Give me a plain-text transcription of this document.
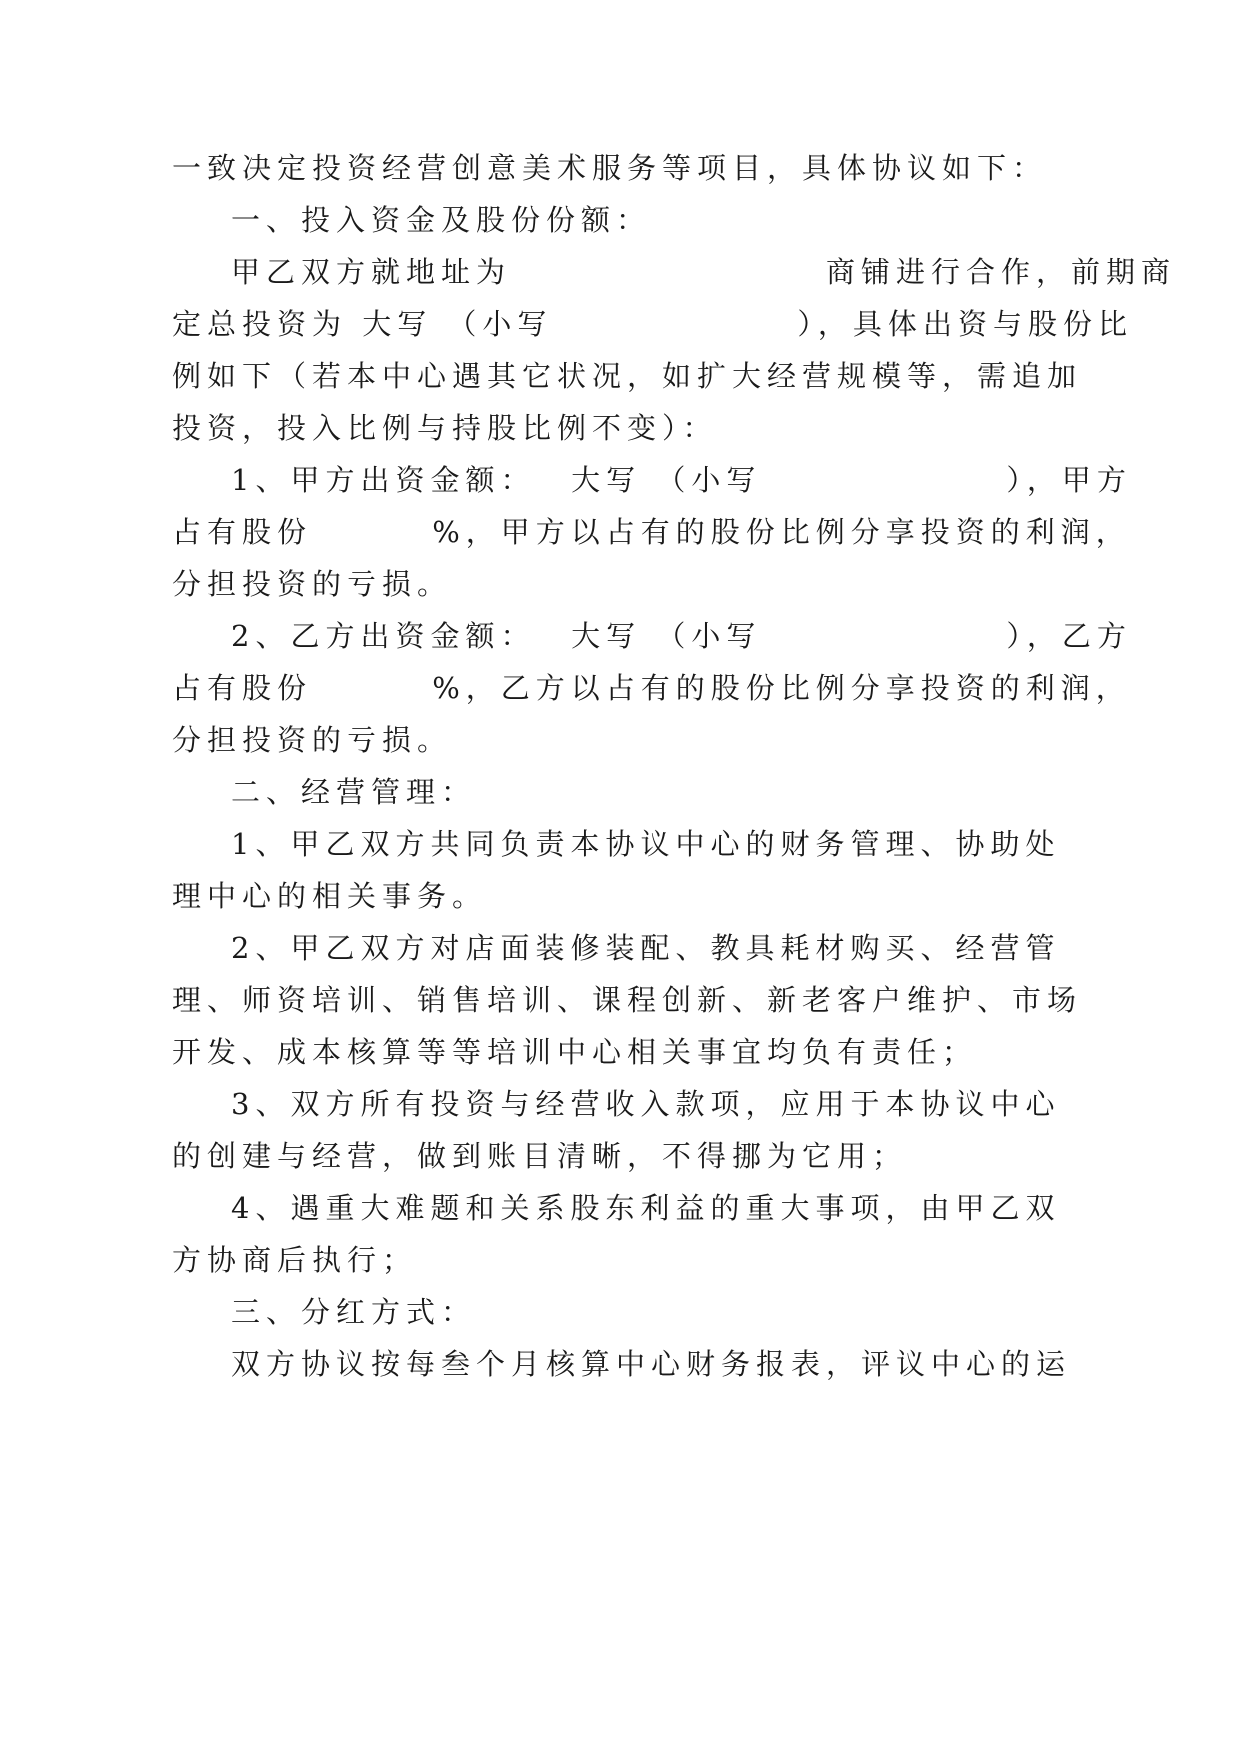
一致决定投资经营创意美术服务等项目，具体协议如下：
一、投入资金及股份份额：
甲乙双方就地址为　　　　　　　　　商铺进行合作，前期商
定总投资为 大写 （小写　　　　　　　），具体出资与股份比
例如下（若本中心遇其它状况，如扩大经营规模等，需追加
投资，投入比例与持股比例不变）：
1、甲方出资金额：　 大写 （小写　　　　　　　），甲方
占有股份　　　 %，甲方以占有的股份比例分享投资的利润，
分担投资的亏损。
2、乙方出资金额：　 大写 （小写　　　　　　　），乙方
占有股份　　　 %，乙方以占有的股份比例分享投资的利润，
分担投资的亏损。
二、经营管理：
1、甲乙双方共同负责本协议中心的财务管理、协助处
理中心的相关事务。
2、甲乙双方对店面装修装配、教具耗材购买、经营管
理、师资培训、销售培训、课程创新、新老客户维护、市场
开发、成本核算等等培训中心相关事宜均负有责任；
3、双方所有投资与经营收入款项，应用于本协议中心
的创建与经营，做到账目清晰，不得挪为它用；
4、遇重大难题和关系股东利益的重大事项，由甲乙双
方协商后执行；
三、分红方式：
双方协议按每叁个月核算中心财务报表，评议中心的运
